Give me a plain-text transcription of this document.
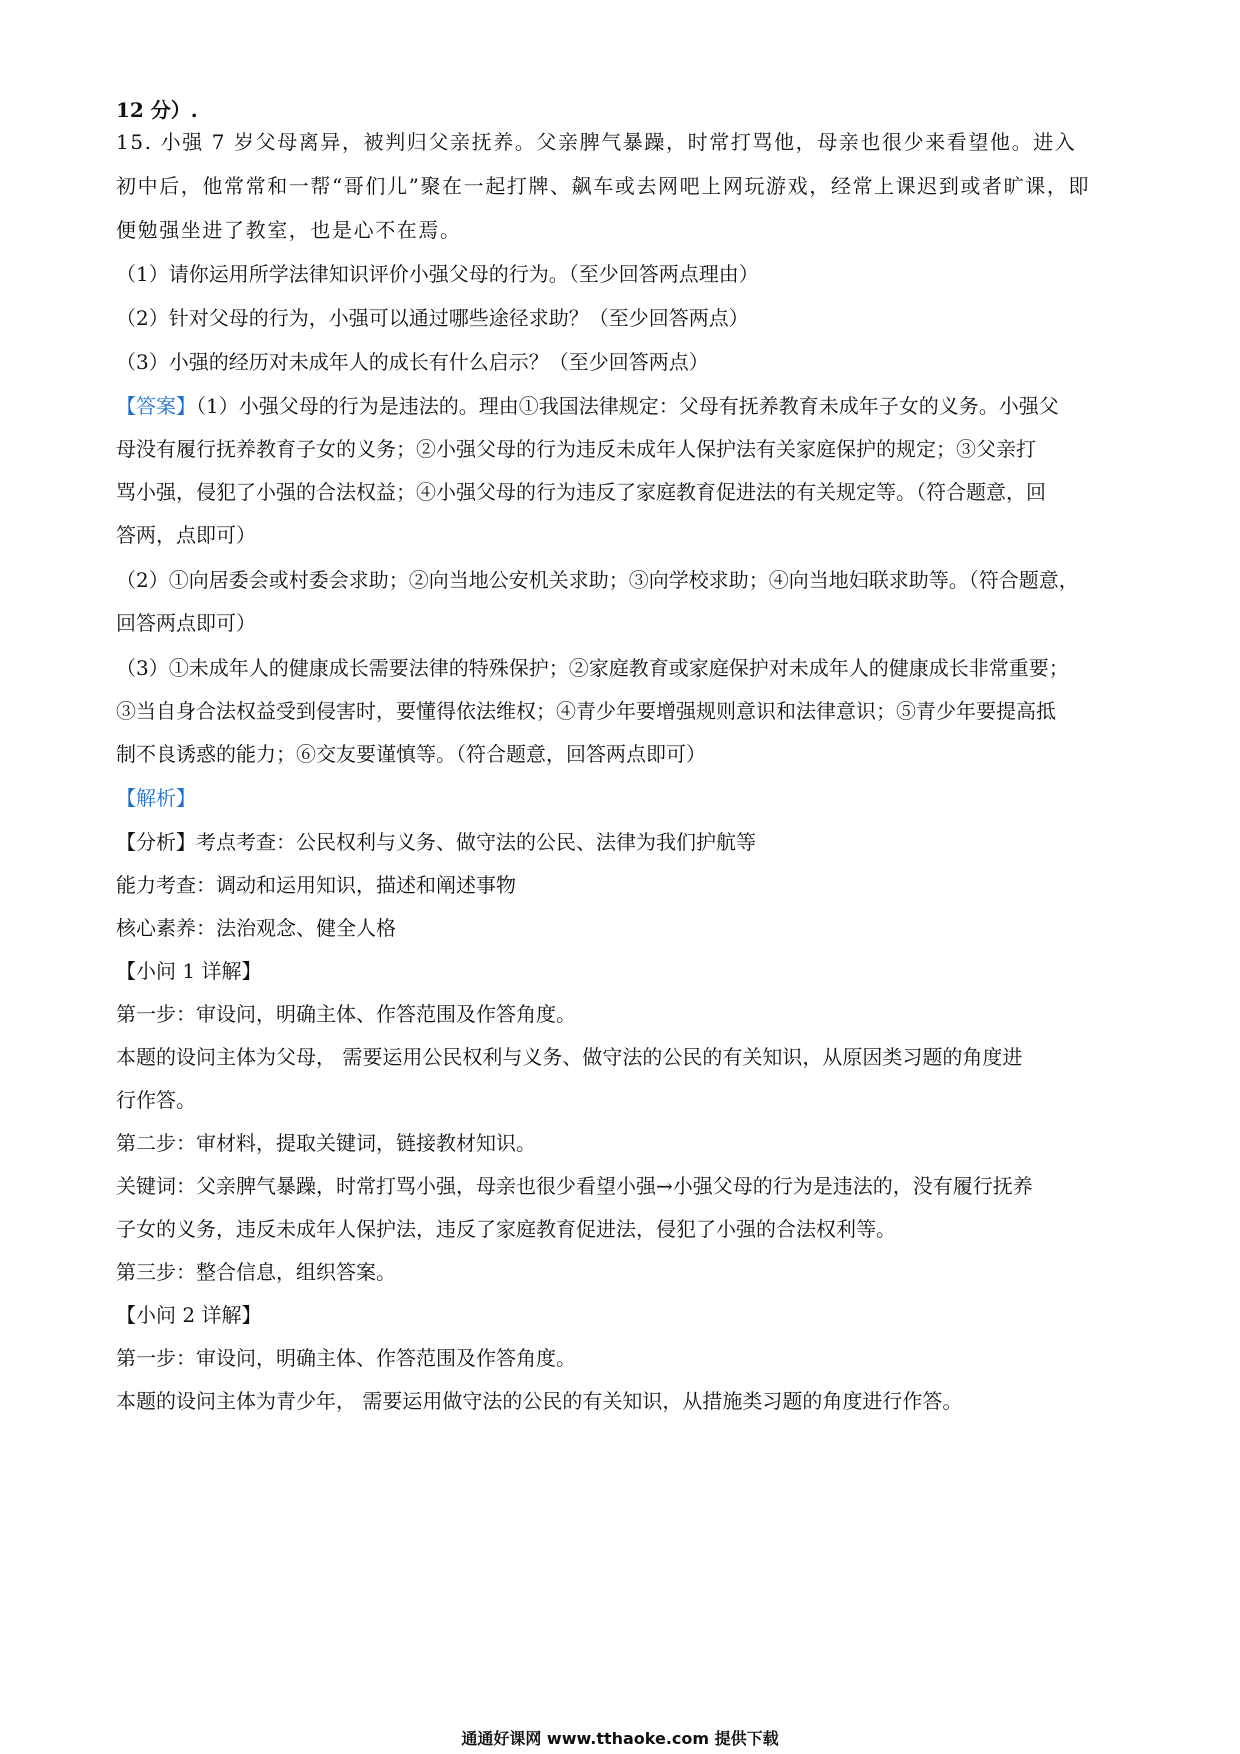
12 分）.
15. 小强 7 岁父母离异，被判归父亲抚养。父亲脾气暴躁，时常打骂他，母亲也很少来看望他。进入
初中后，他常常和一帮“哥们儿”聚在一起打牌、飙车或去网吧上网玩游戏，经常上课迟到或者旷课，即
便勉强坐进了教室，也是心不在焉。
（1）请你运用所学法律知识评价小强父母的行为。（至少回答两点理由）
（2）针对父母的行为，小强可以通过哪些途径求助？（至少回答两点）
（3）小强的经历对未成年人的成长有什么启示？（至少回答两点）
【答案】（1）小强父母的行为是违法的。理由①我国法律规定：父母有抚养教育未成年子女的义务。小强父
母没有履行抚养教育子女的义务；②小强父母的行为违反未成年人保护法有关家庭保护的规定；③父亲打
骂小强，侵犯了小强的合法权益；④小强父母的行为违反了家庭教育促进法的有关规定等。（符合题意，回
答两，点即可）
（2）①向居委会或村委会求助；②向当地公安机关求助；③向学校求助；④向当地妇联求助等。（符合题意，
回答两点即可）
（3）①未成年人的健康成长需要法律的特殊保护；②家庭教育或家庭保护对未成年人的健康成长非常重要；
③当自身合法权益受到侵害时，要懂得依法维权；④青少年要增强规则意识和法律意识；⑤青少年要提高抵
制不良诱惑的能力；⑥交友要谨慎等。（符合题意，回答两点即可）
【解析】
【分析】考点考查：公民权利与义务、做守法的公民、法律为我们护航等
能力考查：调动和运用知识，描述和阐述事物
核心素养：法治观念、健全人格
【小问 1 详解】
第一步：审设问，明确主体、作答范围及作答角度。
本题的设问主体为父母， 需要运用公民权利与义务、做守法的公民的有关知识，从原因类习题的角度进
行作答。
第二步：审材料，提取关键词，链接教材知识。
关键词：父亲脾气暴躁，时常打骂小强，母亲也很少看望小强→小强父母的行为是违法的，没有履行抚养
子女的义务，违反未成年人保护法，违反了家庭教育促进法，侵犯了小强的合法权利等。
第三步：整合信息，组织答案。
【小问 2 详解】
第一步：审设问，明确主体、作答范围及作答角度。
本题的设问主体为青少年， 需要运用做守法的公民的有关知识，从措施类习题的角度进行作答。
通通好课网 www.tthaoke.com 提供下载
